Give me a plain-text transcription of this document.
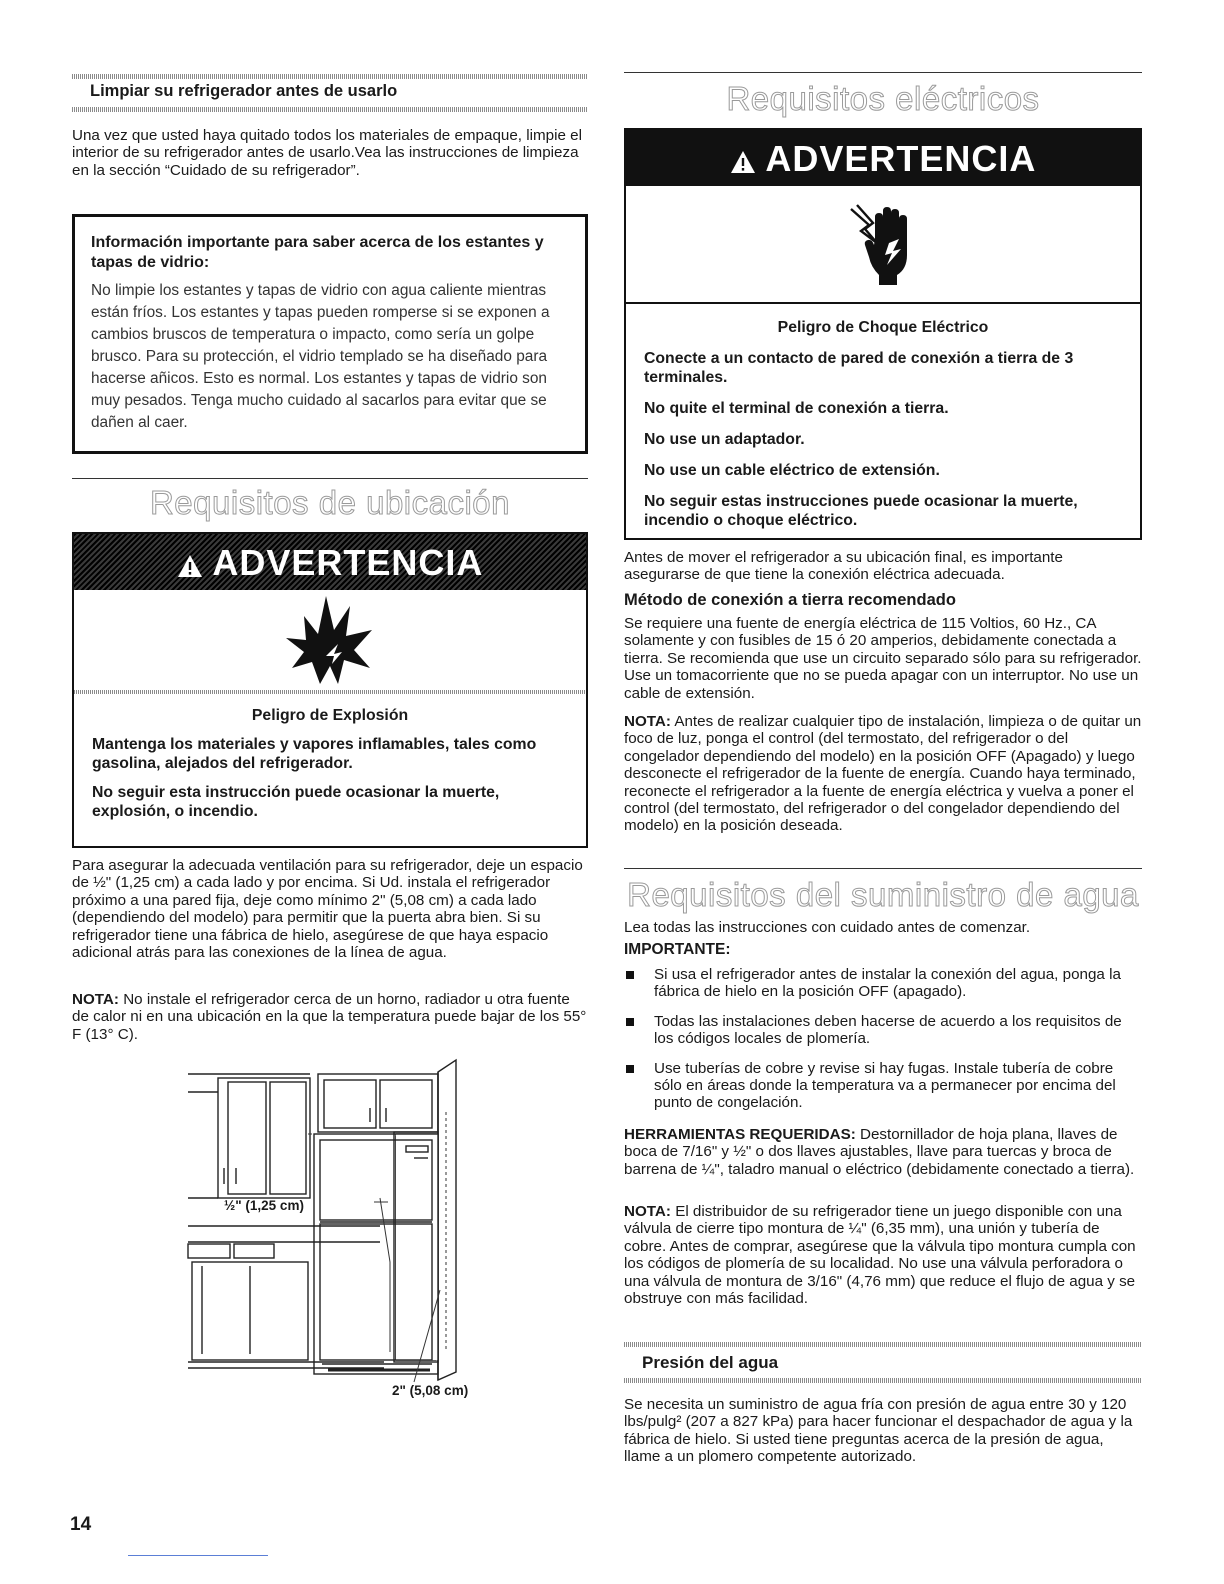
Limpiar su refrigerador antes de usarlo

Una vez que usted haya quitado todos los materiales de empaque, limpie el interior de su refrigerador antes de usarlo.Vea las instrucciones de limpieza en la sección “Cuidado de su refrigerador”.

Información importante para saber acerca de los estantes y tapas de vidrio:

No limpie los estantes y tapas de vidrio con agua caliente mientras están fríos. Los estantes y tapas pueden romperse si se exponen a cambios bruscos de temperatura o impacto, como sería un golpe brusco. Para su protección, el vidrio templado se ha diseñado para hacerse añicos. Esto es normal. Los estantes y tapas de vidrio son muy pesados. Tenga mucho cuidado al sacarlos para evitar que se dañen al caer.

Requisitos de ubicación
ADVERTENCIA
Peligro de Explosión
Mantenga los materiales y vapores inflamables, tales como gasolina, alejados del refrigerador.
No seguir esta instrucción puede ocasionar la muerte, explosión, o incendio.

Para asegurar la adecuada ventilación para su refrigerador, deje un espacio de ½" (1,25 cm) a cada lado y por encima. Si Ud. instala el refrigerador próximo a una pared fija, deje como mínimo 2" (5,08 cm) a cada lado (dependiendo del modelo) para permitir que la puerta abra bien. Si su refrigerador tiene una fábrica de hielo, asegúrese de que haya espacio adicional atrás para las conexiones de la línea de agua.

NOTA: No instale el refrigerador cerca de un horno, radiador u otra fuente de calor ni en una ubicación en la que la temperatura puede bajar de los 55° F (13° C).

½" (1,25 cm)
2" (5,08 cm)
14
Requisitos eléctricos
ADVERTENCIA
Peligro de Choque Eléctrico
Conecte a un contacto de pared de conexión a tierra de 3 terminales.
No quite el terminal de conexión a tierra.
No use un adaptador.
No use un cable eléctrico de extensión.
No seguir estas instrucciones puede ocasionar la muerte, incendio o choque eléctrico.

Antes de mover el refrigerador a su ubicación final, es importante asegurarse de que tiene la conexión eléctrica adecuada.

Método de conexión a tierra recomendado

Se requiere una fuente de energía eléctrica de 115 Voltios, 60 Hz., CA solamente y con fusibles de 15 ó 20 amperios, debidamente conectada a tierra. Se recomienda que use un circuito separado sólo para su refrigerador. Use un tomacorriente que no se pueda apagar con un interruptor. No use un cable de extensión.

NOTA: Antes de realizar cualquier tipo de instalación, limpieza o de quitar un foco de luz, ponga el control (del termostato, del refrigerador o del congelador dependiendo del modelo) en la posición OFF (Apagado) y luego desconecte el refrigerador de la fuente de energía. Cuando haya terminado, reconecte el refrigerador a la fuente de energía eléctrica y vuelva a poner el control (del termostato, del refrigerador o del congelador dependiendo del modelo) en la posición deseada.

Requisitos del suministro de agua

Lea todas las instrucciones con cuidado antes de comenzar.

IMPORTANTE:
Si usa el refrigerador antes de instalar la conexión del agua, ponga la fábrica de hielo en la posición OFF (apagado).
Todas las instalaciones deben hacerse de acuerdo a los requisitos de los códigos locales de plomería.
Use tuberías de cobre y revise si hay fugas. Instale tubería de cobre sólo en áreas donde la temperatura va a permanecer por encima del punto de congelación.

HERRAMIENTAS REQUERIDAS: Destornillador de hoja plana, llaves de boca de 7/16" y ½" o dos llaves ajustables, llave para tuercas y broca de barrena de ¼", taladro manual o eléctrico (debidamente conectado a tierra).

NOTA: El distribuidor de su refrigerador tiene un juego disponible con una válvula de cierre tipo montura de ¼" (6,35 mm), una unión y tubería de cobre. Antes de comprar, asegúrese que la válvula tipo montura cumpla con los códigos de plomería de su localidad. No use una válvula perforadora o una válvula de montura de 3/16" (4,76 mm) que reduce el flujo de agua y se obstruye con más facilidad.

Presión del agua

Se necesita un suministro de agua fría con presión de agua entre 30 y 120 lbs/pulg² (207 a 827 kPa) para hacer funcionar el despachador de agua y la fábrica de hielo. Si usted tiene preguntas acerca de la presión de agua, llame a un plomero competente autorizado.
